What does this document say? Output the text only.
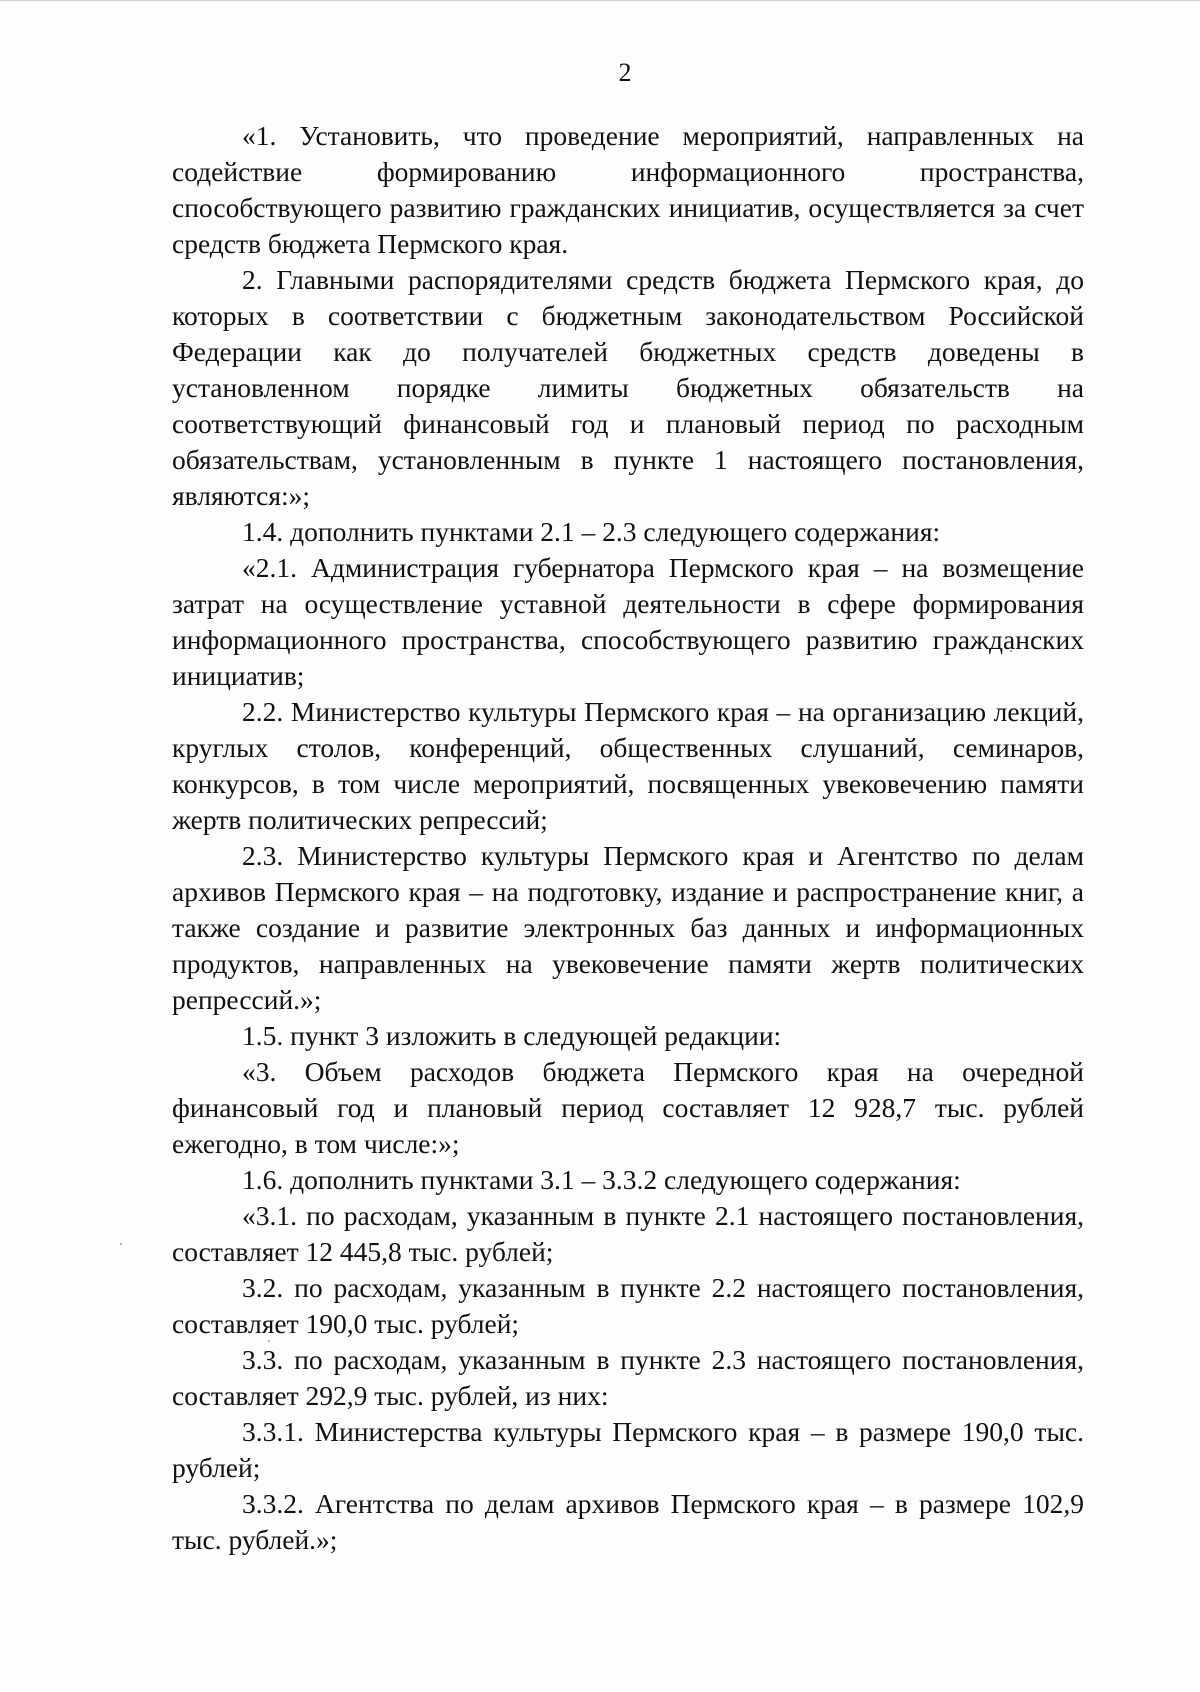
2

«1. Установить, что проведение мероприятий, направленных на содействие формированию информационного пространства, способствующего развитию гражданских инициатив, осуществляется за счет средств бюджета Пермского края.

2. Главными распорядителями средств бюджета Пермского края, до которых в соответствии с бюджетным законодательством Российской Федерации как до получателей бюджетных средств доведены в установленном порядке лимиты бюджетных обязательств на соответствующий финансовый год и плановый период по расходным обязательствам, установленным в пункте 1 настоящего постановления, являются:»;

1.4. дополнить пунктами 2.1 – 2.3 следующего содержания:

«2.1. Администрация губернатора Пермского края – на возмещение затрат на осуществление уставной деятельности в сфере формирования информационного пространства, способствующего развитию гражданских инициатив;

2.2. Министерство культуры Пермского края – на организацию лекций, круглых столов, конференций, общественных слушаний, семинаров, конкурсов, в том числе мероприятий, посвященных увековечению памяти жертв политических репрессий;

2.3. Министерство культуры Пермского края и Агентство по делам архивов Пермского края – на подготовку, издание и распространение книг, а также создание и развитие электронных баз данных и информационных продуктов, направленных на увековечение памяти жертв политических репрессий.»;

1.5. пункт 3 изложить в следующей редакции:

«3. Объем расходов бюджета Пермского края на очередной финансовый год и плановый период составляет 12 928,7 тыс. рублей ежегодно, в том числе:»;

1.6. дополнить пунктами 3.1 – 3.3.2 следующего содержания:

«3.1. по расходам, указанным в пункте 2.1 настоящего постановления, составляет 12 445,8 тыс. рублей;

3.2. по расходам, указанным в пункте 2.2 настоящего постановления, составляет 190,0 тыс. рублей;

3.3. по расходам, указанным в пункте 2.3 настоящего постановления, составляет 292,9 тыс. рублей, из них:

3.3.1. Министерства культуры Пермского края – в размере 190,0 тыс. рублей;

3.3.2. Агентства по делам архивов Пермского края – в размере 102,9 тыс. рублей.»;
